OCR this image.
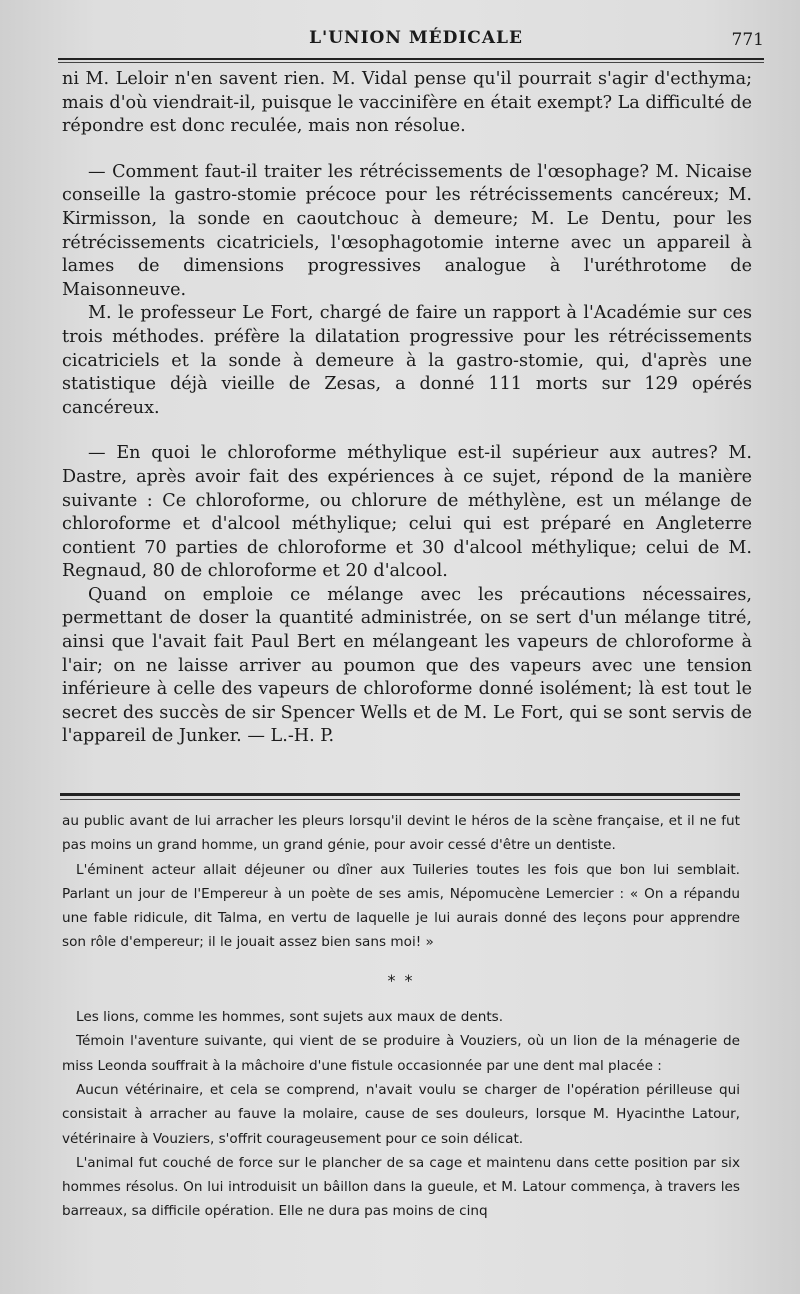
L'UNION MÉDICALE	771

ni M. Leloir n'en savent rien. M. Vidal pense qu'il pourrait s'agir d'ecthyma; mais d'où viendrait-il, puisque le vaccinifère en était exempt? La difficulté de répondre est donc reculée, mais non résolue.

— Comment faut-il traiter les rétrécissements de l'œsophage? M. Nicaise conseille la gastro-stomie précoce pour les rétrécissements cancéreux; M. Kirmisson, la sonde en caoutchouc à demeure; M. Le Dentu, pour les rétrécissements cicatriciels, l'œsophagotomie interne avec un appareil à lames de dimensions progressives analogue à l'uréthrotome de Maisonneuve.

M. le professeur Le Fort, chargé de faire un rapport à l'Académie sur ces trois méthodes. préfère la dilatation progressive pour les rétrécissements cicatriciels et la sonde à demeure à la gastro-stomie, qui, d'après une statistique déjà vieille de Zesas, a donné 111 morts sur 129 opérés cancéreux.

— En quoi le chloroforme méthylique est-il supérieur aux autres? M. Dastre, après avoir fait des expériences à ce sujet, répond de la manière suivante : Ce chloroforme, ou chlorure de méthylène, est un mélange de chloroforme et d'alcool méthylique; celui qui est préparé en Angleterre contient 70 parties de chloroforme et 30 d'alcool méthylique; celui de M. Regnaud, 80 de chloroforme et 20 d'alcool.

Quand on emploie ce mélange avec les précautions nécessaires, permettant de doser la quantité administrée, on se sert d'un mélange titré, ainsi que l'avait fait Paul Bert en mélangeant les vapeurs de chloroforme à l'air; on ne laisse arriver au poumon que des vapeurs avec une tension inférieure à celle des vapeurs de chloroforme donné isolément; là est tout le secret des succès de sir Spencer Wells et de M. Le Fort, qui se sont servis de l'appareil de Junker. — L.-H. P.

au public avant de lui arracher les pleurs lorsqu'il devint le héros de la scène française, et il ne fut pas moins un grand homme, un grand génie, pour avoir cessé d'être un dentiste.

L'éminent acteur allait déjeuner ou dîner aux Tuileries toutes les fois que bon lui semblait. Parlant un jour de l'Empereur à un poète de ses amis, Népomucène Lemercier : « On a répandu une fable ridicule, dit Talma, en vertu de laquelle je lui aurais donné des leçons pour apprendre son rôle d'empereur; il le jouait assez bien sans moi! »

* *

Les lions, comme les hommes, sont sujets aux maux de dents.

Témoin l'aventure suivante, qui vient de se produire à Vouziers, où un lion de la ménagerie de miss Leonda souffrait à la mâchoire d'une fistule occasionnée par une dent mal placée :

Aucun vétérinaire, et cela se comprend, n'avait voulu se charger de l'opération périlleuse qui consistait à arracher au fauve la molaire, cause de ses douleurs, lorsque M. Hyacinthe Latour, vétérinaire à Vouziers, s'offrit courageusement pour ce soin délicat.

L'animal fut couché de force sur le plancher de sa cage et maintenu dans cette position par six hommes résolus. On lui introduisit un bâillon dans la gueule, et M. Latour commença, à travers les barreaux, sa difficile opération. Elle ne dura pas moins de cinq
